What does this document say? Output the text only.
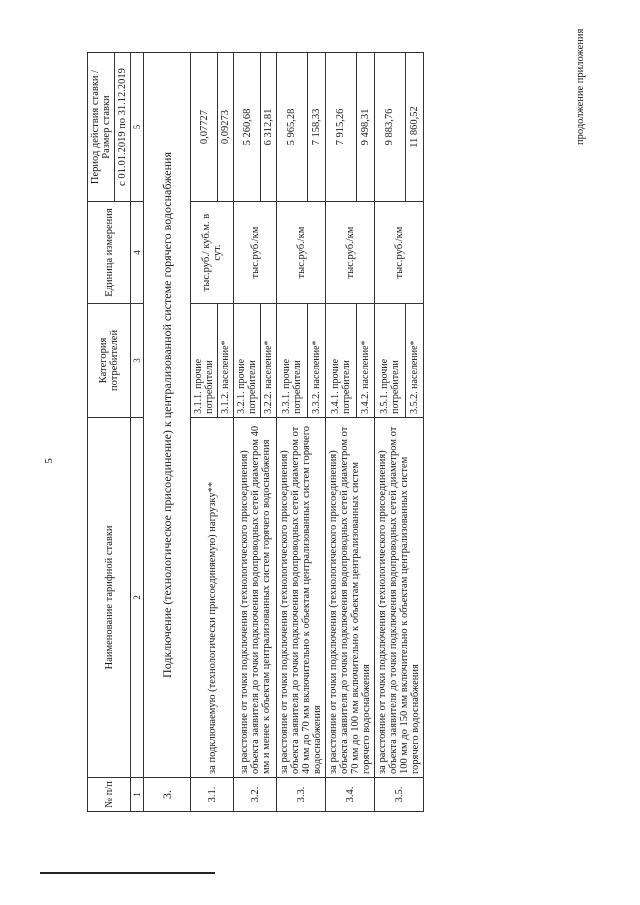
5
продолжение приложения
№ п/п	Наименование тарифной ставки	Категория потребителей	Единица измерения	Период действия ставки /Размер ставки
				с 01.01.2019 по 31.12.2019
1	2	3	4	5
3.	Подключение (технологическое присоединение) к централизованной системе горячего водоснабжения			
3.1.	за подключаемую (технологически присоединяемую) нагрузку**	3.1.1. прочие потребители	тыс.руб./ куб.м. в сут.	0,07727
		3.1.2. население*		0,09273
3.2.	за расстояние от точки подключения (технологического присоединения) объекта заявителя до точки подключения водопроводных сетей диаметром 40 мм и менее к объектам централизованных систем горячего водоснабжения	3.2.1. прочие потребители	тыс.руб./км	5 260,68
		3.2.2. население*		6 312,81
3.3.	за расстояние от точки подключения (технологического присоединения) объекта заявителя до точки подключения водопроводных сетей диаметром от 40 мм до 70 мм включительно к объектам централизованных систем горячего водоснабжения	3.3.1. прочие потребители	тыс.руб./км	5 965,28
		3.3.2. население*		7 158,33
3.4.	за расстояние от точки подключения (технологического присоединения) объекта заявителя до точки подключения водопроводных сетей диаметром от 70 мм до 100 мм включительно к объектам централизованных систем горячего водоснабжения	3.4.1. прочие потребители	тыс.руб./км	7 915,26
		3.4.2. население*		9 498,31
3.5.	за расстояние от точки подключения (технологического присоединения) объекта заявителя до точки подключения водопроводных сетей диаметром от 100 мм до 150 мм включительно к объектам централизованных систем горячего водоснабжения	3.5.1. прочие потребители	тыс.руб./км	9 883,76
		3.5.2. население*		11 860,52
